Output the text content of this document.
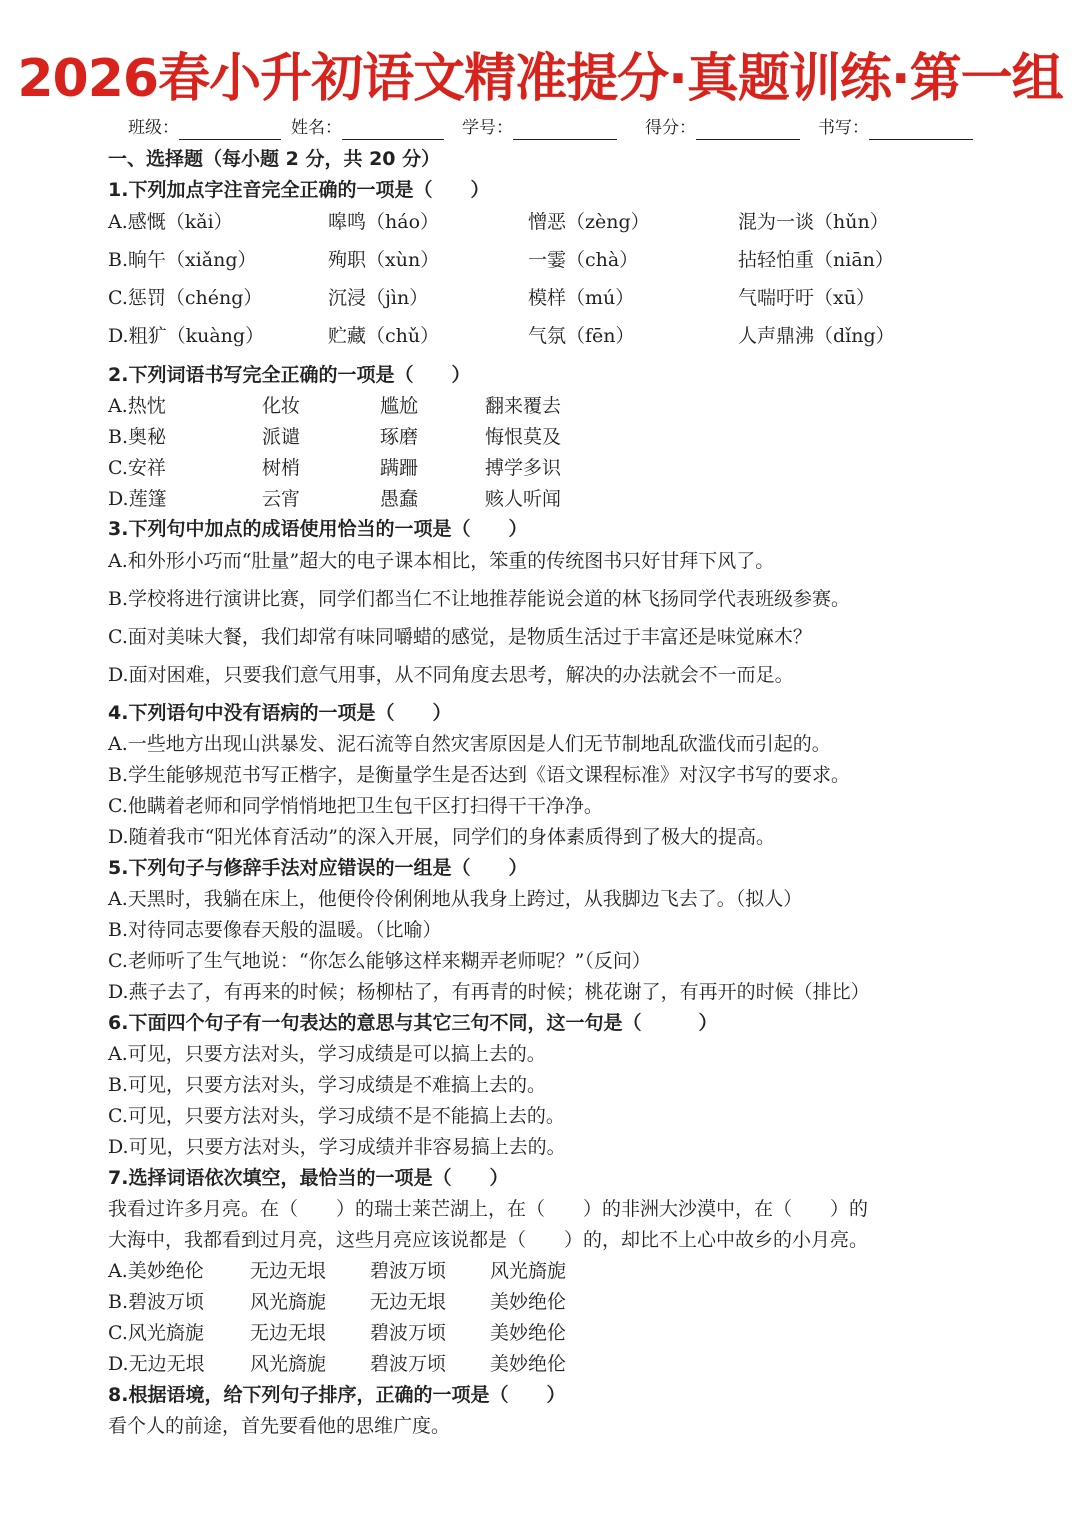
2026春小升初语文精准提分·真题训练·第一组
班级：	姓名：	学号：	得分：	书写：
一、选择题（每小题 2 分，共 20 分）
1.下列加点字注音完全正确的一项是（　　）
A.感慨（kǎi）	嗥鸣（háo）	憎恶（zèng）	混为一谈（hǔn）
B.晌午（xiǎng）	殉职（xùn）	一霎（chà）	拈轻怕重（niān）
C.惩罚（chéng）	沉浸（jìn）	模样（mú）	气喘吁吁（xū）
D.粗犷（kuàng）	贮藏（chǔ）	气氛（fēn）	人声鼎沸（dǐng）
2.下列词语书写完全正确的一项是（　　）
A.热忱	化妆	尴尬	翻来覆去
B.奥秘	派谴	琢磨	悔恨莫及
C.安祥	树梢	蹒跚	搏学多识
D.莲篷	云宵	愚蠢	赅人听闻
3.下列句中加点的成语使用恰当的一项是（　　）
A.和外形小巧而“肚量”超大的电子课本相比，笨重的传统图书只好甘拜下风了。
B.学校将进行演讲比赛，同学们都当仁不让地推荐能说会道的林飞扬同学代表班级参赛。
C.面对美味大餐，我们却常有味同嚼蜡的感觉，是物质生活过于丰富还是味觉麻木？
D.面对困难，只要我们意气用事，从不同角度去思考，解决的办法就会不一而足。
4.下列语句中没有语病的一项是（　　）
A.一些地方出现山洪暴发、泥石流等自然灾害原因是人们无节制地乱砍滥伐而引起的。
B.学生能够规范书写正楷字，是衡量学生是否达到《语文课程标准》对汉字书写的要求。
C.他瞒着老师和同学悄悄地把卫生包干区打扫得干干净净。
D.随着我市“阳光体育活动”的深入开展，同学们的身体素质得到了极大的提高。
5.下列句子与修辞手法对应错误的一组是（　　）
A.天黑时，我躺在床上，他便伶伶俐俐地从我身上跨过，从我脚边飞去了。（拟人）
B.对待同志要像春天般的温暖。（比喻）
C.老师听了生气地说：“你怎么能够这样来糊弄老师呢？”（反问）
D.燕子去了，有再来的时候；杨柳枯了，有再青的时候；桃花谢了，有再开的时候（排比）
6.下面四个句子有一句表达的意思与其它三句不同，这一句是（　　　）
A.可见，只要方法对头，学习成绩是可以搞上去的。
B.可见，只要方法对头，学习成绩是不难搞上去的。
C.可见，只要方法对头，学习成绩不是不能搞上去的。
D.可见，只要方法对头，学习成绩并非容易搞上去的。
7.选择词语依次填空，最恰当的一项是（　　）
我看过许多月亮。在（　　）的瑞士莱芒湖上，在（　　）的非洲大沙漠中，在（　　）的
大海中，我都看到过月亮，这些月亮应该说都是（　　）的，却比不上心中故乡的小月亮。
A.美妙绝伦 无边无垠 碧波万顷 风光旖旎
B.碧波万顷 风光旖旎 无边无垠 美妙绝伦
C.风光旖旎 无边无垠 碧波万顷 美妙绝伦
D.无边无垠 风光旖旎 碧波万顷 美妙绝伦
8.根据语境，给下列句子排序，正确的一项是（　　）
看个人的前途，首先要看他的思维广度。
